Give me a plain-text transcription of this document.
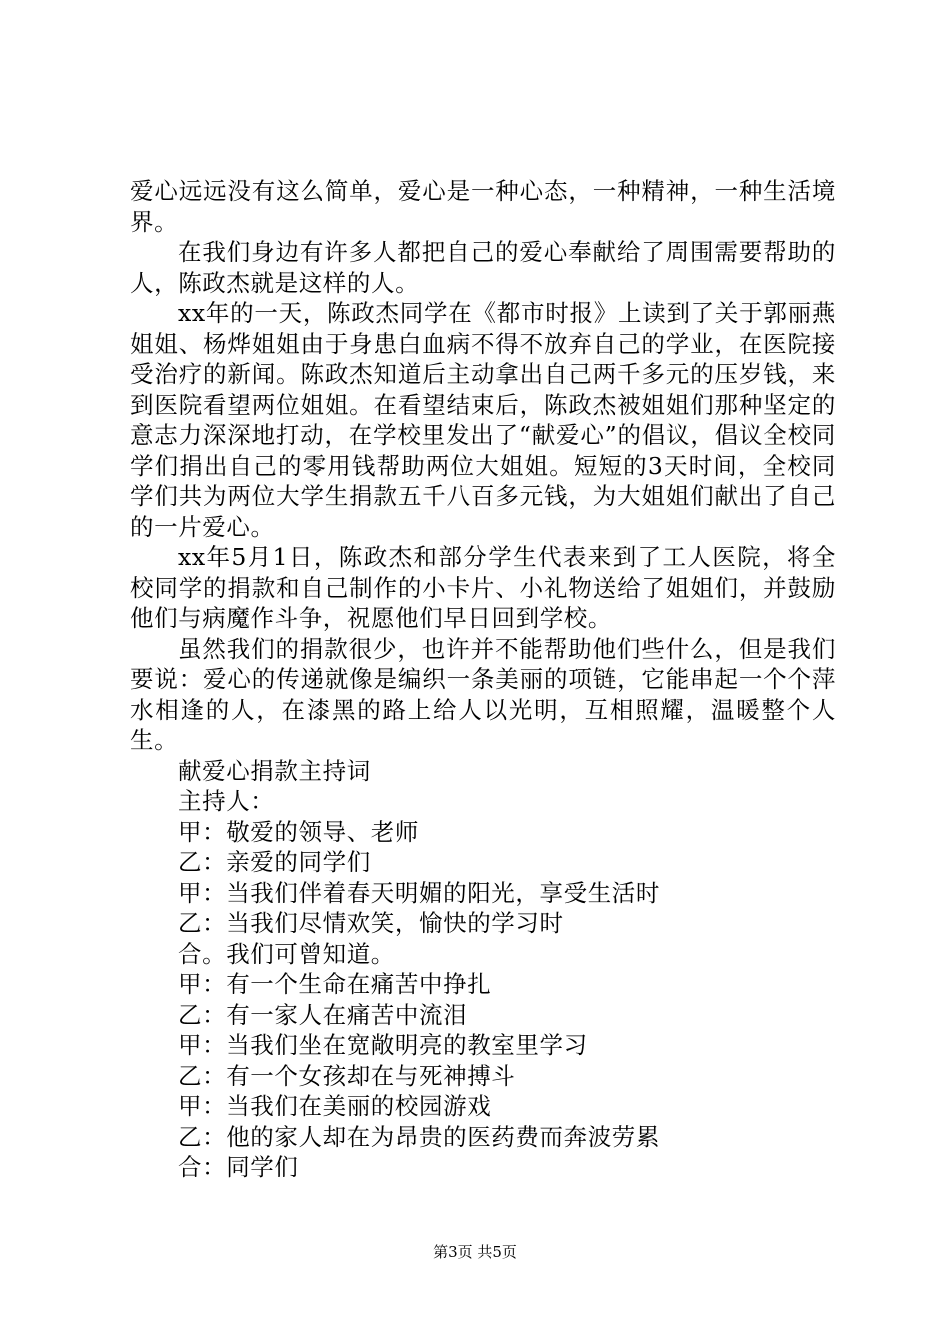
爱心远远没有这么简单，爱心是一种心态，一种精神，一种生活境界。

在我们身边有许多人都把自己的爱心奉献给了周围需要帮助的人，陈政杰就是这样的人。

xx年的一天，陈政杰同学在《都市时报》上读到了关于郭丽燕姐姐、杨烨姐姐由于身患白血病不得不放弃自己的学业，在医院接受治疗的新闻。陈政杰知道后主动拿出自己两千多元的压岁钱，来到医院看望两位姐姐。在看望结束后，陈政杰被姐姐们那种坚定的意志力深深地打动，在学校里发出了“献爱心”的倡议，倡议全校同学们捐出自己的零用钱帮助两位大姐姐。短短的3天时间，全校同学们共为两位大学生捐款五千八百多元钱，为大姐姐们献出了自己的一片爱心。

xx年5月1日，陈政杰和部分学生代表来到了工人医院，将全校同学的捐款和自己制作的小卡片、小礼物送给了姐姐们，并鼓励他们与病魔作斗争，祝愿他们早日回到学校。

虽然我们的捐款很少，也许并不能帮助他们些什么，但是我们要说：爱心的传递就像是编织一条美丽的项链，它能串起一个个萍水相逢的人，在漆黑的路上给人以光明，互相照耀，温暖整个人生。

献爱心捐款主持词

主持人：

甲：敬爱的领导、老师

乙：亲爱的同学们

甲：当我们伴着春天明媚的阳光，享受生活时

乙：当我们尽情欢笑，愉快的学习时

合。我们可曾知道。

甲：有一个生命在痛苦中挣扎

乙：有一家人在痛苦中流泪

甲：当我们坐在宽敞明亮的教室里学习

乙：有一个女孩却在与死神搏斗

甲：当我们在美丽的校园游戏

乙：他的家人却在为昂贵的医药费而奔波劳累

合：同学们

第3页 共5页
